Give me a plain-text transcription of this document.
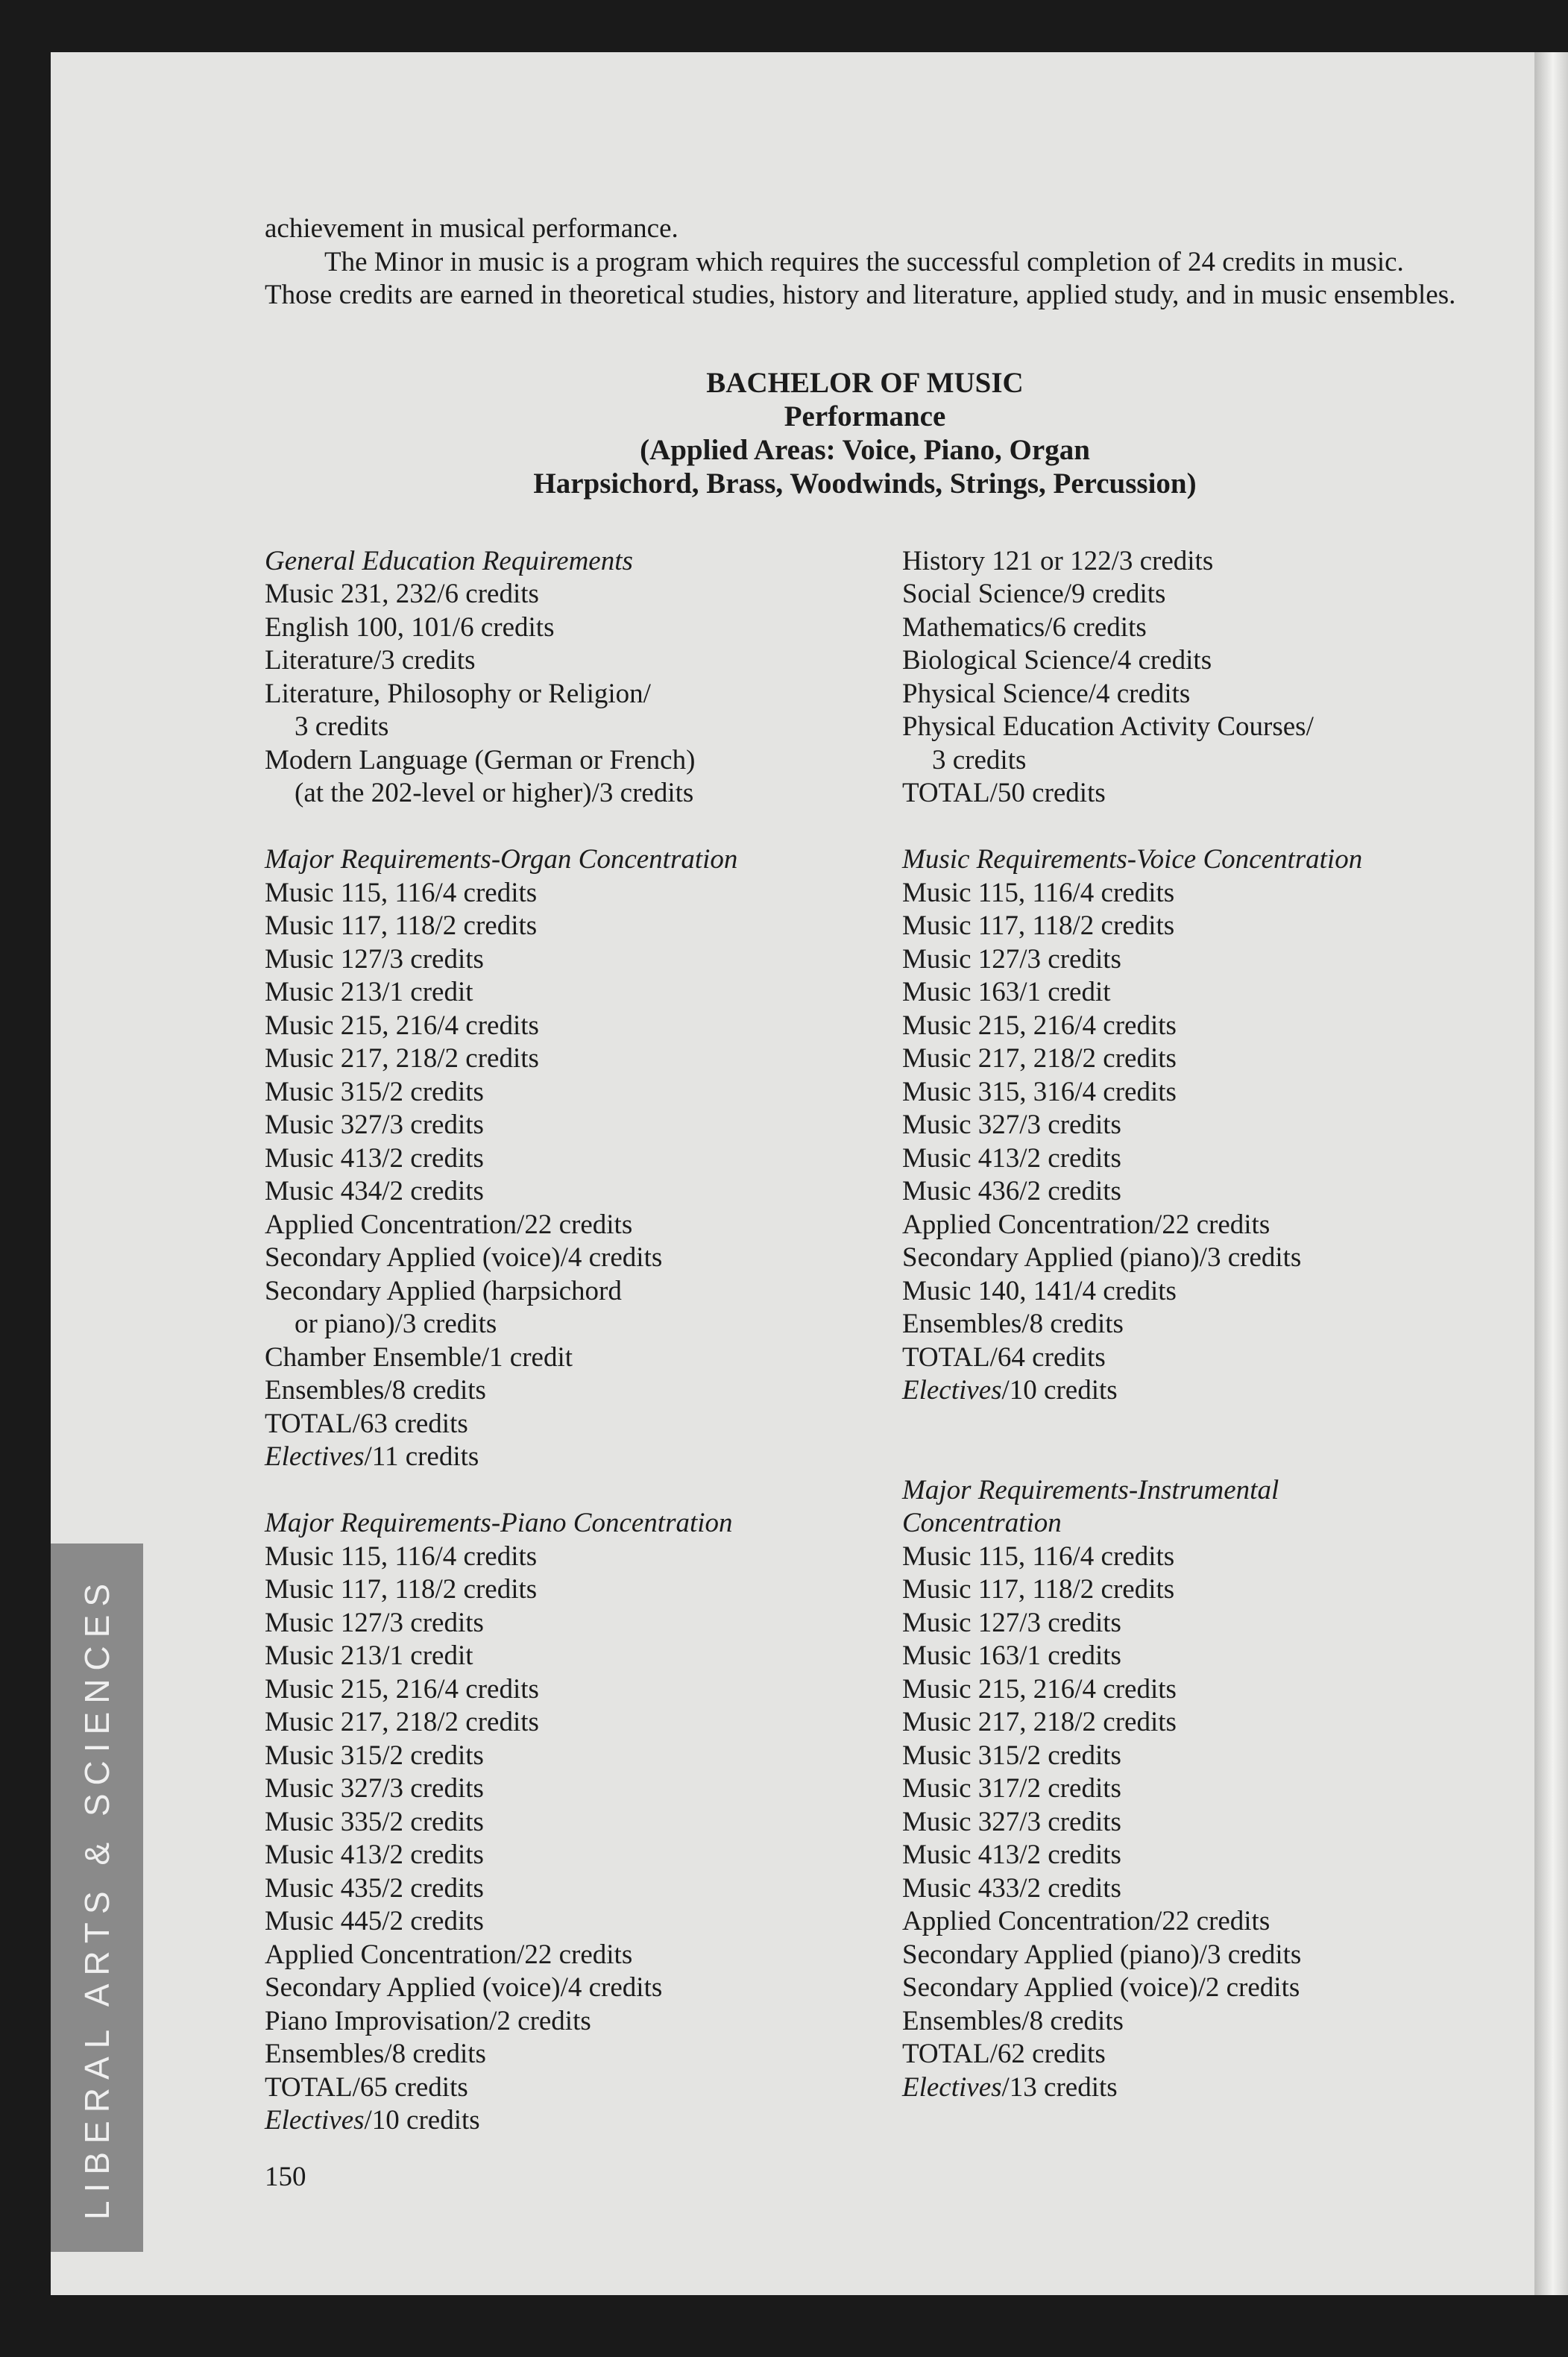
LIBERAL ARTS & SCIENCES

achievement in musical performance.

The Minor in music is a program which requires the successful completion of 24 credits in music. Those credits are earned in theoretical studies, history and literature, applied study, and in music ensembles.

BACHELOR OF MUSIC
Performance
(Applied Areas: Voice, Piano, Organ
Harpsichord, Brass, Woodwinds, Strings, Percussion)
General Education Requirements
Music 231, 232/6 credits
English 100, 101/6 credits
Literature/3 credits
Literature, Philosophy or Religion/
3 credits
Modern Language (German or French)
(at the 202-level or higher)/3 credits
Major Requirements-Organ Concentration
Music 115, 116/4 credits
Music 117, 118/2 credits
Music 127/3 credits
Music 213/1 credit
Music 215, 216/4 credits
Music 217, 218/2 credits
Music 315/2 credits
Music 327/3 credits
Music 413/2 credits
Music 434/2 credits
Applied Concentration/22 credits
Secondary Applied (voice)/4 credits
Secondary Applied (harpsichord
or piano)/3 credits
Chamber Ensemble/1 credit
Ensembles/8 credits
TOTAL/63 credits
Electives/11 credits
Major Requirements-Piano Concentration
Music 115, 116/4 credits
Music 117, 118/2 credits
Music 127/3 credits
Music 213/1 credit
Music 215, 216/4 credits
Music 217, 218/2 credits
Music 315/2 credits
Music 327/3 credits
Music 335/2 credits
Music 413/2 credits
Music 435/2 credits
Music 445/2 credits
Applied Concentration/22 credits
Secondary Applied (voice)/4 credits
Piano Improvisation/2 credits
Ensembles/8 credits
TOTAL/65 credits
Electives/10 credits
History 121 or 122/3 credits
Social Science/9 credits
Mathematics/6 credits
Biological Science/4 credits
Physical Science/4 credits
Physical Education Activity Courses/
3 credits
TOTAL/50 credits
Music Requirements-Voice Concentration
Music 115, 116/4 credits
Music 117, 118/2 credits
Music 127/3 credits
Music 163/1 credit
Music 215, 216/4 credits
Music 217, 218/2 credits
Music 315, 316/4 credits
Music 327/3 credits
Music 413/2 credits
Music 436/2 credits
Applied Concentration/22 credits
Secondary Applied (piano)/3 credits
Music 140, 141/4 credits
Ensembles/8 credits
TOTAL/64 credits
Electives/10 credits
Major Requirements-Instrumental
Concentration
Music 115, 116/4 credits
Music 117, 118/2 credits
Music 127/3 credits
Music 163/1 credits
Music 215, 216/4 credits
Music 217, 218/2 credits
Music 315/2 credits
Music 317/2 credits
Music 327/3 credits
Music 413/2 credits
Music 433/2 credits
Applied Concentration/22 credits
Secondary Applied (piano)/3 credits
Secondary Applied (voice)/2 credits
Ensembles/8 credits
TOTAL/62 credits
Electives/13 credits
150
